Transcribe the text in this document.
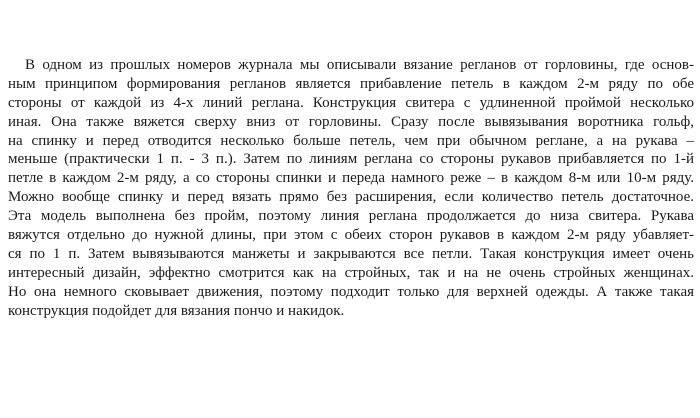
В одном из прошлых номеров журнала мы описывали вязание регланов от горловины, где основ-
ным принципом формирования регланов является прибавление петель в каждом 2-м ряду по обе
стороны от каждой из 4-х линий реглана. Конструкция свитера с удлиненной проймой несколько
иная. Она также вяжется сверху вниз от горловины. Сразу после вывязывания воротника гольф,
на спинку и перед отводится несколько больше петель, чем при обычном реглане, а на рукава –
меньше (практически 1 п. - 3 п.). Затем по линиям реглана со стороны рукавов прибавляется по 1-й
петле в каждом 2-м ряду, а со стороны спинки и переда намного реже – в каждом 8-м или 10-м ряду.
Можно вообще спинку и перед вязать прямо без расширения, если количество петель достаточное.
Эта модель выполнена без пройм, поэтому линия реглана продолжается до низа свитера. Рукава
вяжутся отдельно до нужной длины, при этом с обеих сторон рукавов в каждом 2-м ряду убавляет-
ся по 1 п. Затем вывязываются манжеты и закрываются все петли. Такая конструкция имеет очень
интересный дизайн, эффектно смотрится как на стройных, так и на не очень стройных женщинах.
Но она немного сковывает движения, поэтому подходит только для верхней одежды. А также такая
конструкция подойдет для вязания пончо и накидок.
